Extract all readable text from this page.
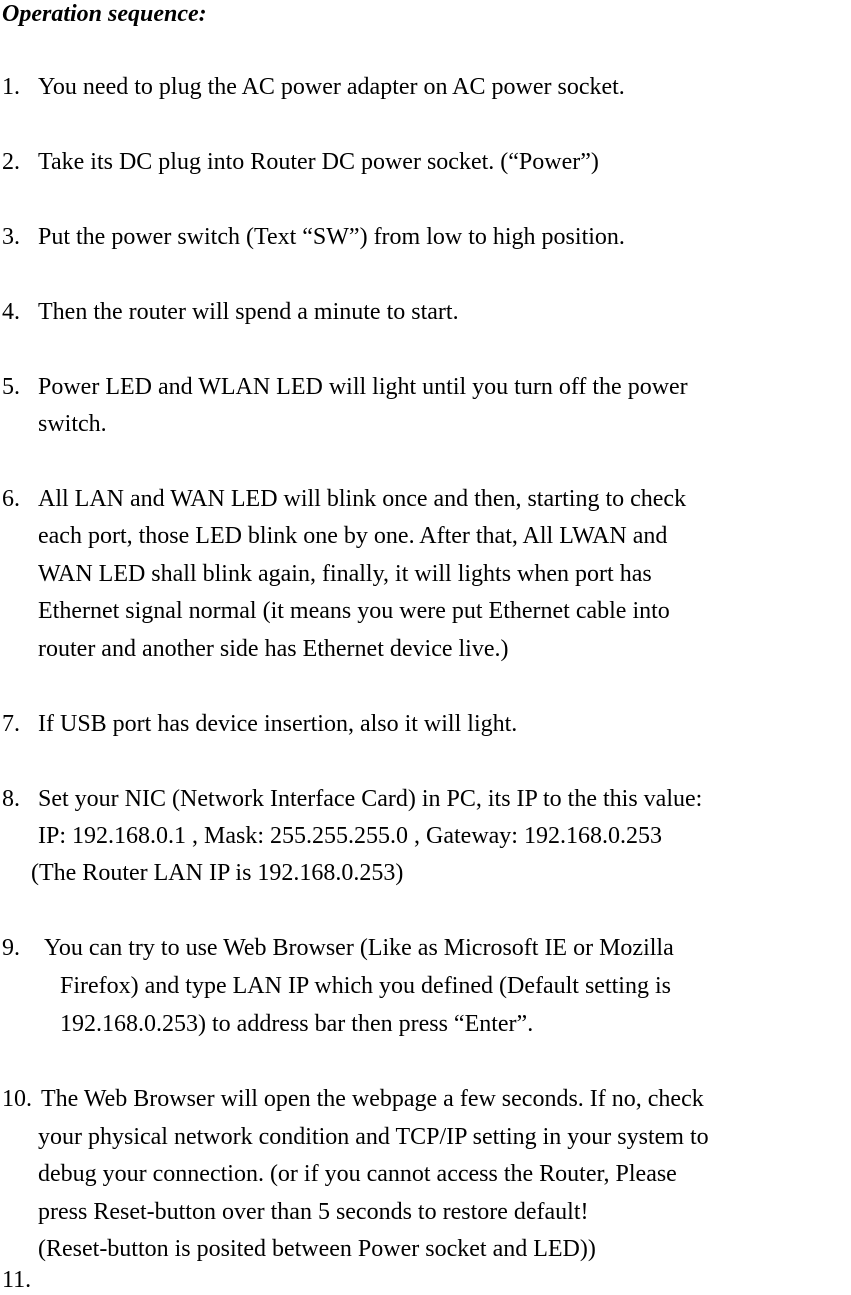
Operation sequence:
1. You need to plug the AC power adapter on AC power socket.
2. Take its DC plug into Router DC power socket. (“Power”)
3. Put the power switch (Text “SW”) from low to high position.
4. Then the router will spend a minute to start.
5. Power LED and WLAN LED will light until you turn off the power
switch.
6. All LAN and WAN LED will blink once and then, starting to check
each port, those LED blink one by one. After that, All LWAN and
WAN LED shall blink again, finally, it will lights when port has
Ethernet signal normal (it means you were put Ethernet cable into
router and another side has Ethernet device live.)
7. If USB port has device insertion, also it will light.
8. Set your NIC (Network Interface Card) in PC, its IP to the this value:
IP: 192.168.0.1 , Mask: 255.255.255.0 , Gateway: 192.168.0.253
(The Router LAN IP is 192.168.0.253)
9. You can try to use Web Browser (Like as Microsoft IE or Mozilla
Firefox) and type LAN IP which you defined (Default setting is
192.168.0.253) to address bar then press “Enter”.
10. The Web Browser will open the webpage a few seconds. If no, check
your physical network condition and TCP/IP setting in your system to
debug your connection. (or if you cannot access the Router, Please
press Reset-button over than 5 seconds to restore default!
(Reset-button is posited between Power socket and LED))
11.
